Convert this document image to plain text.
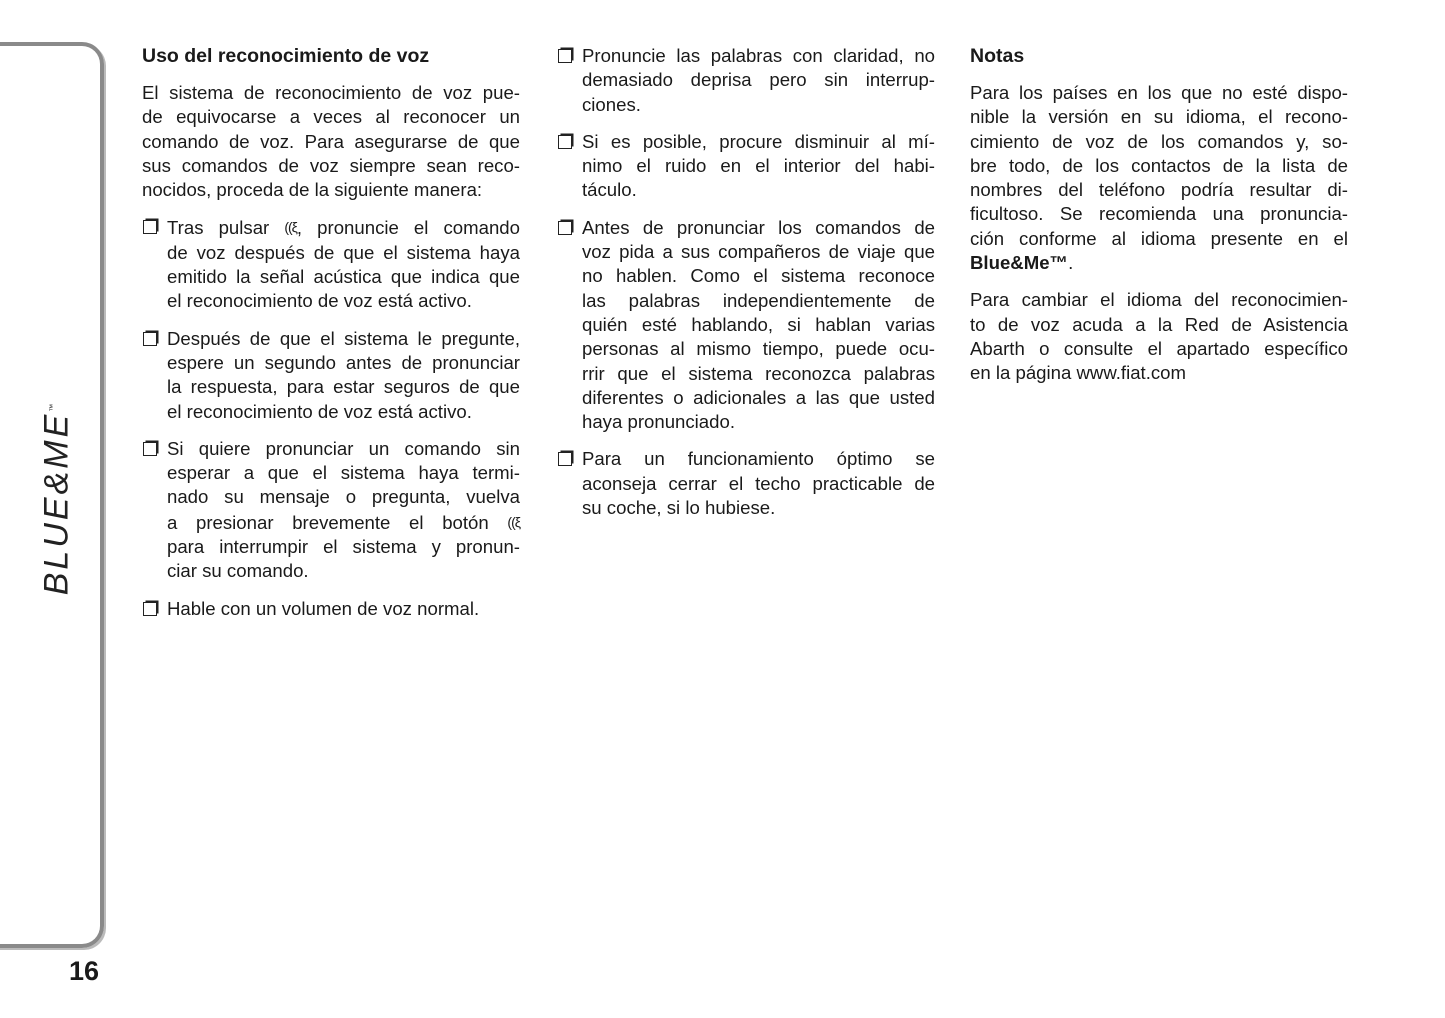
BLUE&ME™
16
Uso del reconocimiento de voz
El sistema de reconocimiento de voz pue-
de equivocarse a veces al reconocer un
comando de voz. Para asegurarse de que
sus comandos de voz siempre sean reco-
nocidos, proceda de la siguiente manera:
Tras pulsar ((ξ, pronuncie el comando
de voz después de que el sistema haya
emitido la señal acústica que indica que
el reconocimiento de voz está activo.
Después de que el sistema le pregunte,
espere un segundo antes de pronunciar
la respuesta, para estar seguros de que
el reconocimiento de voz está activo.
Si quiere pronunciar un comando sin
esperar a que el sistema haya termi-
nado su mensaje o pregunta, vuelva
a presionar brevemente el botón ((ξ
para interrumpir el sistema y pronun-
ciar su comando.
Hable con un volumen de voz normal.
Pronuncie las palabras con claridad, no
demasiado deprisa pero sin interrup-
ciones.
Si es posible, procure disminuir al mí-
nimo el ruido en el interior del habi-
táculo.
Antes de pronunciar los comandos de
voz pida a sus compañeros de viaje que
no hablen. Como el sistema reconoce
las palabras independientemente de
quién esté hablando, si hablan varias
personas al mismo tiempo, puede ocu-
rrir que el sistema reconozca palabras
diferentes o adicionales a las que usted
haya pronunciado.
Para un funcionamiento óptimo se
aconseja cerrar el techo practicable de
su coche, si lo hubiese.
Notas
Para los países en los que no esté dispo-
nible la versión en su idioma, el recono-
cimiento de voz de los comandos y, so-
bre todo, de los contactos de la lista de
nombres del teléfono podría resultar di-
ficultoso. Se recomienda una pronuncia-
ción conforme al idioma presente en el
Blue&Me™.
Para cambiar el idioma del reconocimien-
to de voz acuda a la Red de Asistencia
Abarth o consulte el apartado específico
en la página www.fiat.com
